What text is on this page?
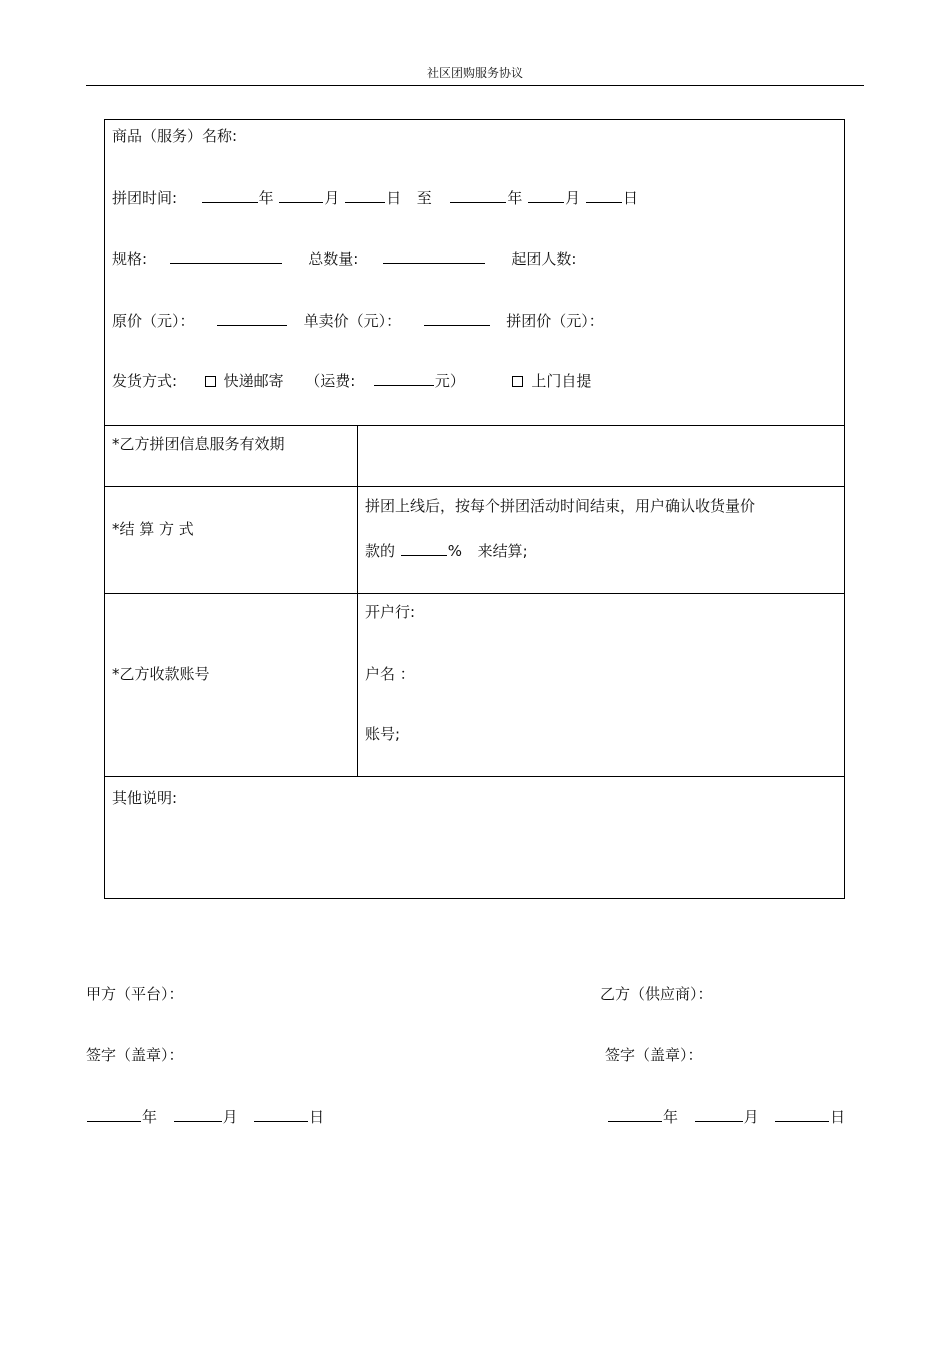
社区团购服务协议
商品（服务）名称:
拼团时间:	年	月	日 至	年	月	日
规格:	总数量:	起团人数:
原价（元）：	单卖价（元）：	拼团价（元）：
发货方式:	快递邮寄 （运费:	元）	上门自提
*乙方拼团信息服务有效期
*结 算 方 式
拼团上线后，按每个拼团活动时间结束，用户确认收货量价
款的	% 来结算;
*乙方收款账号
开户行:
户名 ：
账号;
其他说明:
甲方（平台）：	乙方（供应商）：
签字（盖章）：	签字（盖章）：
年	月	日	年	月	日
